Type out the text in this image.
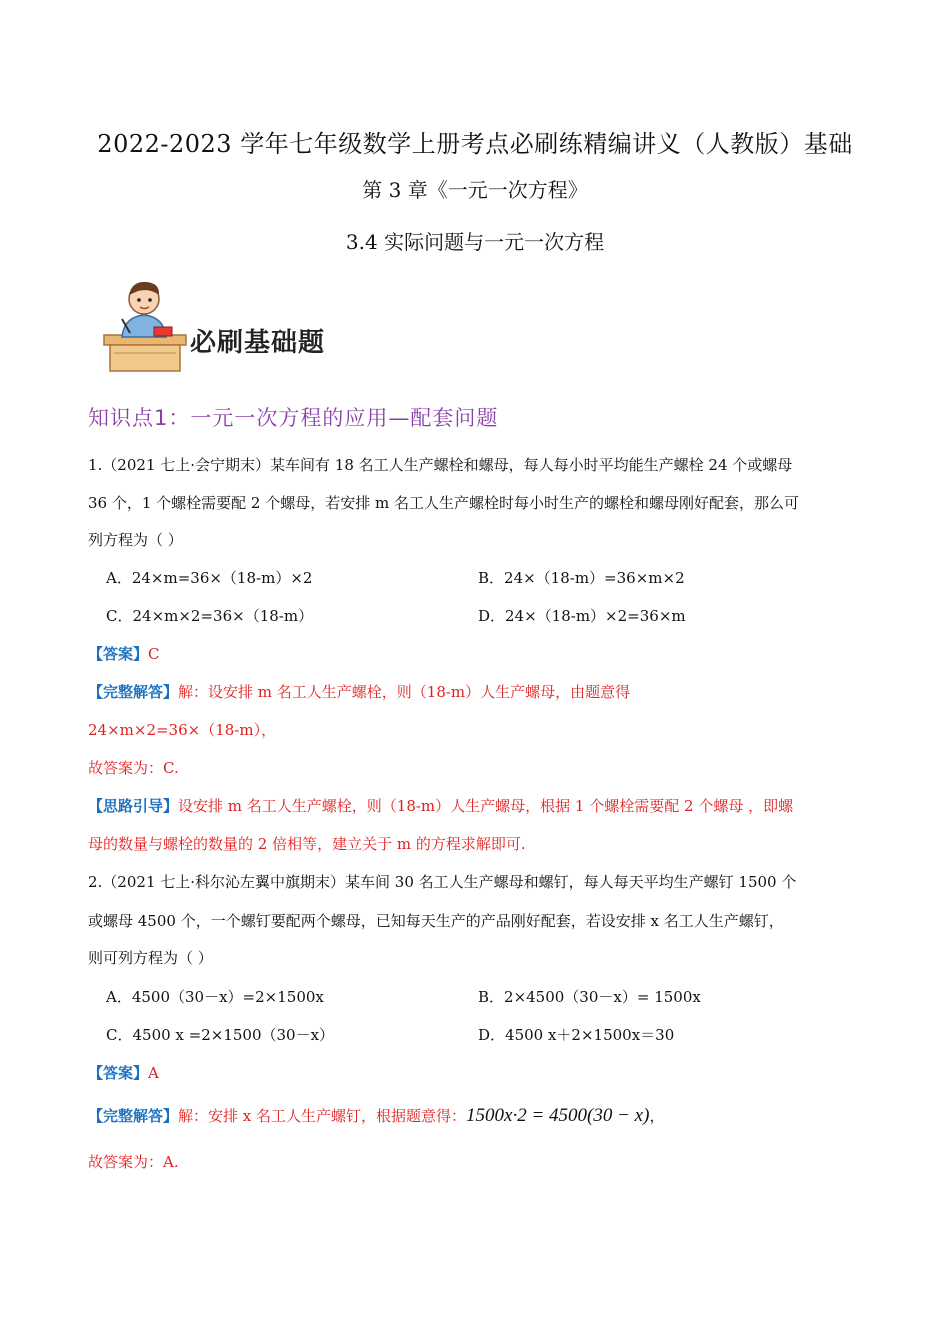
2022-2023 学年七年级数学上册考点必刷练精编讲义（人教版）基础
第 3 章《一元一次方程》
3.4 实际问题与一元一次方程
必刷基础题
知识点1：一元一次方程的应用—配套问题
1.（2021 七上·会宁期末）某车间有 18 名工人生产螺栓和螺母，每人每小时平均能生产螺栓 24 个或螺母
36 个，1 个螺栓需要配 2 个螺母，若安排 m 名工人生产螺栓时每小时生产的螺栓和螺母刚好配套，那么可
列方程为（ ）
A．24×m=36×（18-m）×2	B．24×（18-m）=36×m×2
C．24×m×2=36×（18-m）	D．24×（18-m）×2=36×m
【答案】C
【完整解答】解：设安排 m 名工人生产螺栓，则（18-m）人生产螺母，由题意得
24×m×2=36×（18-m），
故答案为：C.
【思路引导】设安排 m 名工人生产螺栓，则（18-m）人生产螺母，根据 1 个螺栓需要配 2 个螺母 ，即螺
母的数量与螺栓的数量的 2 倍相等，建立关于 m 的方程求解即可.
2.（2021 七上·科尔沁左翼中旗期末）某车间 30 名工人生产螺母和螺钉，每人每天平均生产螺钉 1500 个
或螺母 4500 个，一个螺钉要配两个螺母，已知每天生产的产品刚好配套，若设安排 x 名工人生产螺钉，
则可列方程为（ ）
A．4500（30－x）=2×1500x	B．2×4500（30－x）= 1500x
C．4500 x =2×1500（30－x）	D．4500 x＋2×1500x＝30
【答案】A
【完整解答】解：安排 x 名工人生产螺钉，根据题意得：1500x·2 = 4500(30 − x)，
故答案为：A.
